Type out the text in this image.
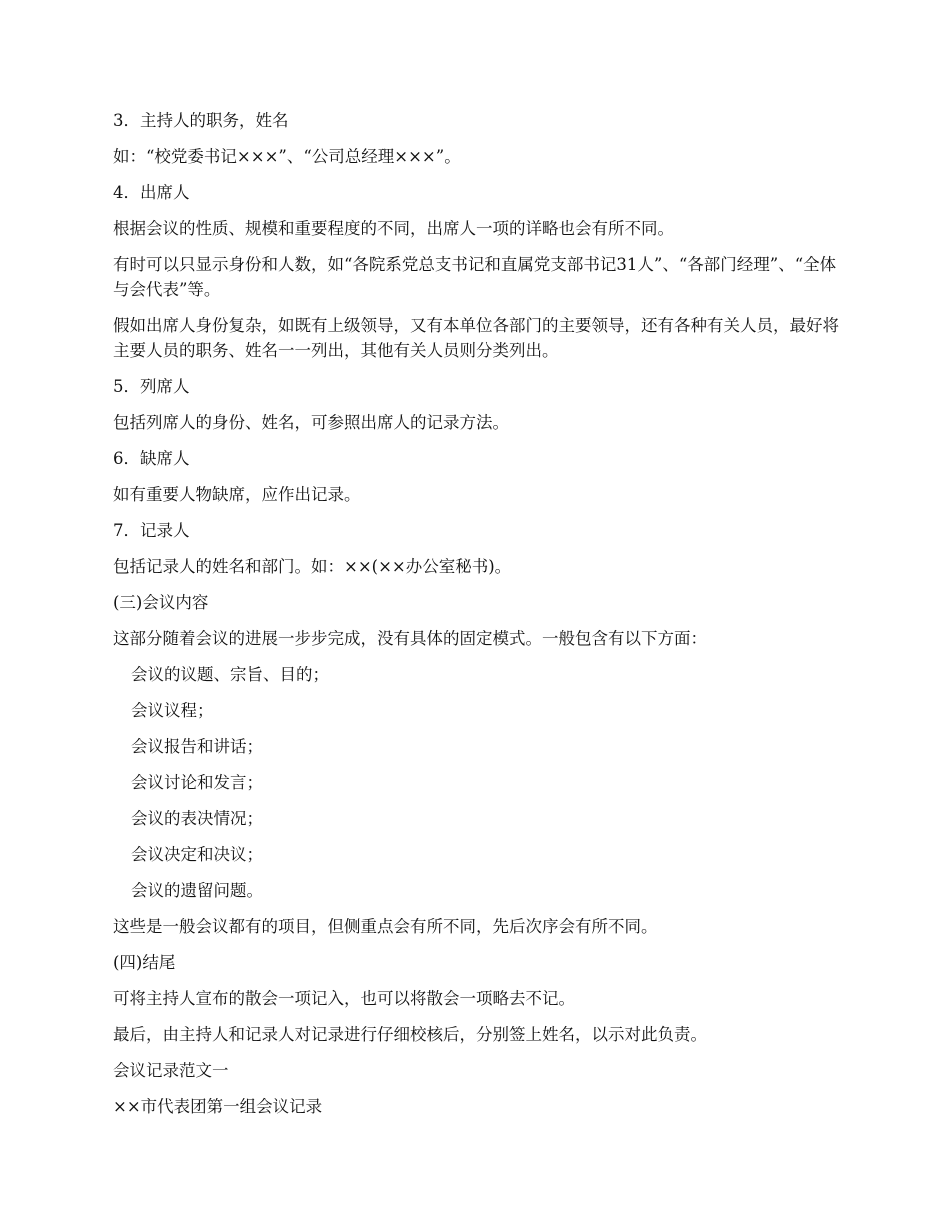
3．主持人的职务，姓名

如：“校党委书记×××”、“公司总经理×××”。

4．出席人

根据会议的性质、规模和重要程度的不同，出席人一项的详略也会有所不同。

有时可以只显示身份和人数，如“各院系党总支书记和直属党支部书记31人”、“各部门经理”、“全体与会代表”等。

假如出席人身份复杂，如既有上级领导，又有本单位各部门的主要领导，还有各种有关人员，最好将主要人员的职务、姓名一一列出，其他有关人员则分类列出。

5．列席人

包括列席人的身份、姓名，可参照出席人的记录方法。

6．缺席人

如有重要人物缺席，应作出记录。

7．记录人

包括记录人的姓名和部门。如：××(××办公室秘书)。

(三)会议内容

这部分随着会议的进展一步步完成，没有具体的固定模式。一般包含有以下方面：

会议的议题、宗旨、目的；

会议议程；

会议报告和讲话；

会议讨论和发言；

会议的表决情况；

会议决定和决议；

会议的遗留问题。

这些是一般会议都有的项目，但侧重点会有所不同，先后次序会有所不同。

(四)结尾

可将主持人宣布的散会一项记入，也可以将散会一项略去不记。

最后，由主持人和记录人对记录进行仔细校核后，分别签上姓名，以示对此负责。

会议记录范文一

××市代表团第一组会议记录
